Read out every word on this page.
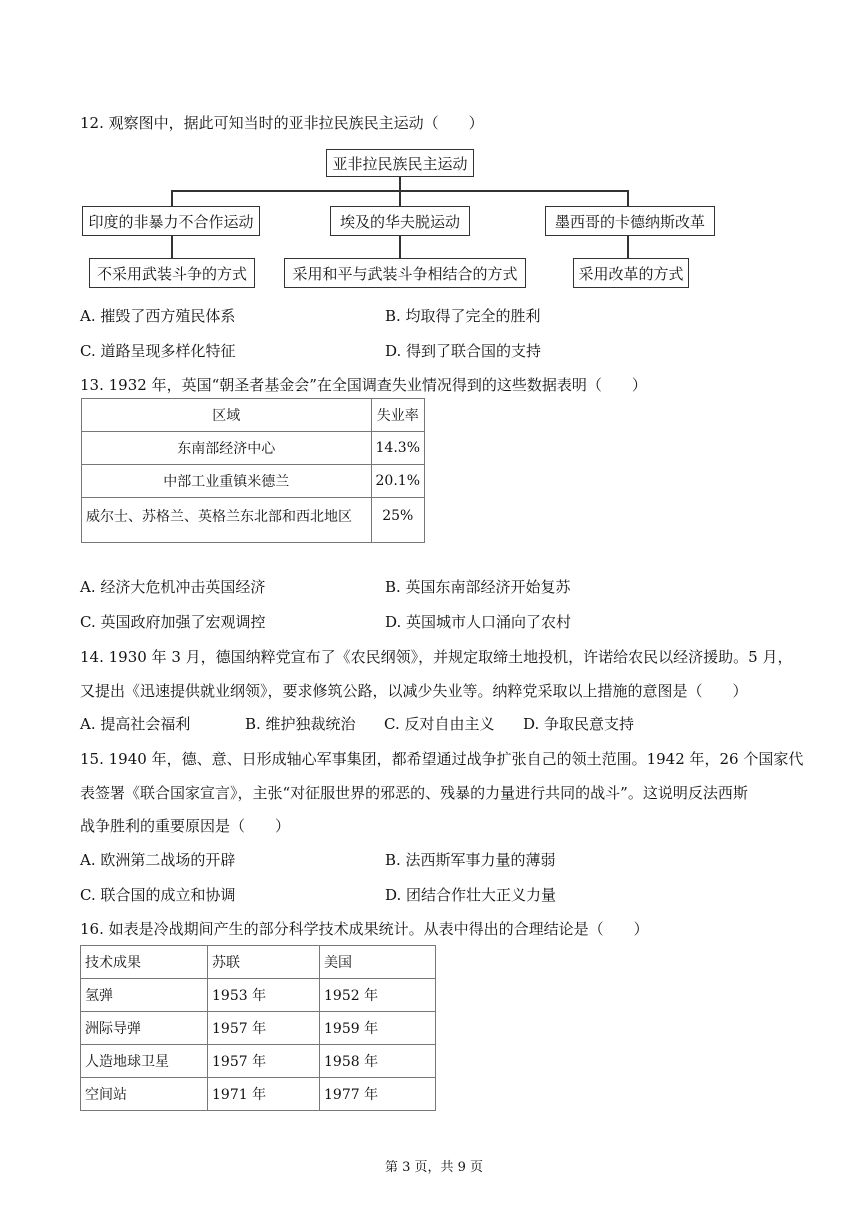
12. 观察图中，据此可知当时的亚非拉民族民主运动（　　）
亚非拉民族民主运动
印度的非暴力不合作运动	埃及的华夫脱运动	墨西哥的卡德纳斯改革
不采用武装斗争的方式	采用和平与武装斗争相结合的方式	采用改革的方式
A. 摧毁了西方殖民体系	B. 均取得了完全的胜利
C. 道路呈现多样化特征	D. 得到了联合国的支持
13. 1932 年，英国“朝圣者基金会”在全国调查失业情况得到的这些数据表明（　　）
区域	失业率
东南部经济中心	14.3%
中部工业重镇米德兰	20.1%
威尔士、苏格兰、英格兰东北部和西北地区	25%
A. 经济大危机冲击英国经济	B. 英国东南部经济开始复苏
C. 英国政府加强了宏观调控	D. 英国城市人口涌向了农村
14. 1930 年 3 月，德国纳粹党宣布了《农民纲领》，并规定取缔土地投机，许诺给农民以经济援助。5 月，
又提出《迅速提供就业纲领》，要求修筑公路，以减少失业等。纳粹党采取以上措施的意图是（　　）
A. 提高社会福利	B. 维护独裁统治 C. 反对自由主义 D. 争取民意支持
15. 1940 年，德、意、日形成轴心军事集团，都希望通过战争扩张自己的领土范围。1942 年，26 个国家代
表签署《联合国家宣言》，主张“对征服世界的邪恶的、残暴的力量进行共同的战斗”。这说明反法西斯
战争胜利的重要原因是（　　）
A. 欧洲第二战场的开辟	B. 法西斯军事力量的薄弱
C. 联合国的成立和协调	D. 团结合作壮大正义力量
16. 如表是冷战期间产生的部分科学技术成果统计。从表中得出的合理结论是（　　）
技术成果	苏联	美国
氢弹	1953 年	1952 年
洲际导弹	1957 年	1959 年
人造地球卫星	1957 年	1958 年
空间站	1971 年	1977 年
第 3 页，共 9 页
